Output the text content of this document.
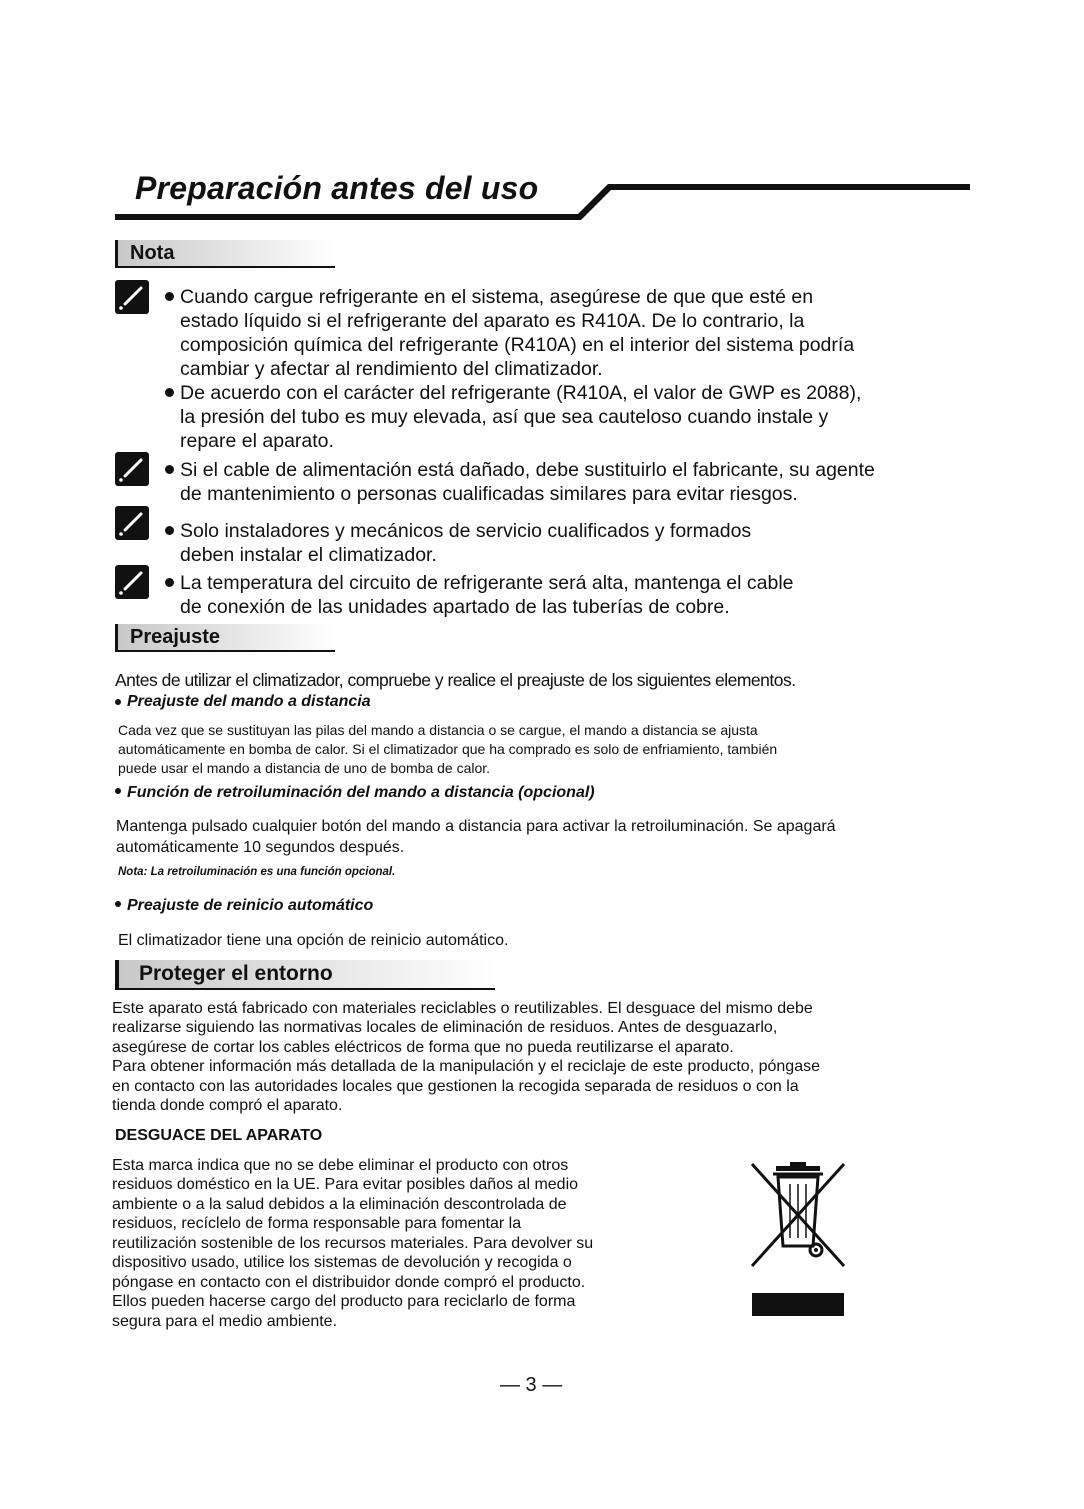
Preparación antes del uso
Nota
Cuando cargue refrigerante en el sistema, asegúrese de que que esté en
estado líquido si el refrigerante del aparato es R410A. De lo contrario, la
composición química del refrigerante (R410A) en el interior del sistema podría
cambiar y afectar al rendimiento del climatizador.
De acuerdo con el carácter del refrigerante (R410A, el valor de GWP es 2088),
la presión del tubo es muy elevada, así que sea cauteloso cuando instale y
repare el aparato.
Si el cable de alimentación está dañado, debe sustituirlo el fabricante, su agente
de mantenimiento o personas cualificadas similares para evitar riesgos.
Solo instaladores y mecánicos de servicio cualificados y formados
deben instalar el climatizador.
La temperatura del circuito de refrigerante será alta, mantenga el cable
de conexión de las unidades apartado de las tuberías de cobre.
Preajuste
Antes de utilizar el climatizador, compruebe y realice el preajuste de los siguientes elementos.
Preajuste del mando a distancia
Cada vez que se sustituyan las pilas del mando a distancia o se cargue, el mando a distancia se ajusta
automáticamente en bomba de calor. Si el climatizador que ha comprado es solo de enfriamiento, también
puede usar el mando a distancia de uno de bomba de calor.
Función de retroiluminación del mando a distancia (opcional)
Mantenga pulsado cualquier botón del mando a distancia para activar la retroiluminación. Se apagará
automáticamente 10 segundos después.
Nota: La retroiluminación es una función opcional.
Preajuste de reinicio automático
El climatizador tiene una opción de reinicio automático.
Proteger el entorno
Este aparato está fabricado con materiales reciclables o reutilizables. El desguace del mismo debe
realizarse siguiendo las normativas locales de eliminación de residuos. Antes de desguazarlo,
asegúrese de cortar los cables eléctricos de forma que no pueda reutilizarse el aparato.
Para obtener información más detallada de la manipulación y el reciclaje de este producto, póngase
en contacto con las autoridades locales que gestionen la recogida separada de residuos o con la
tienda donde compró el aparato.
DESGUACE DEL APARATO
Esta marca indica que no se debe eliminar el producto con otros
residuos doméstico en la UE. Para evitar posibles daños al medio
ambiente o a la salud debidos a la eliminación descontrolada de
residuos, recíclelo de forma responsable para fomentar la
reutilización sostenible de los recursos materiales. Para devolver su
dispositivo usado, utilice los sistemas de devolución y recogida o
póngase en contacto con el distribuidor donde compró el producto.
Ellos pueden hacerse cargo del producto para reciclarlo de forma
segura para el medio ambiente.
— 3 —
